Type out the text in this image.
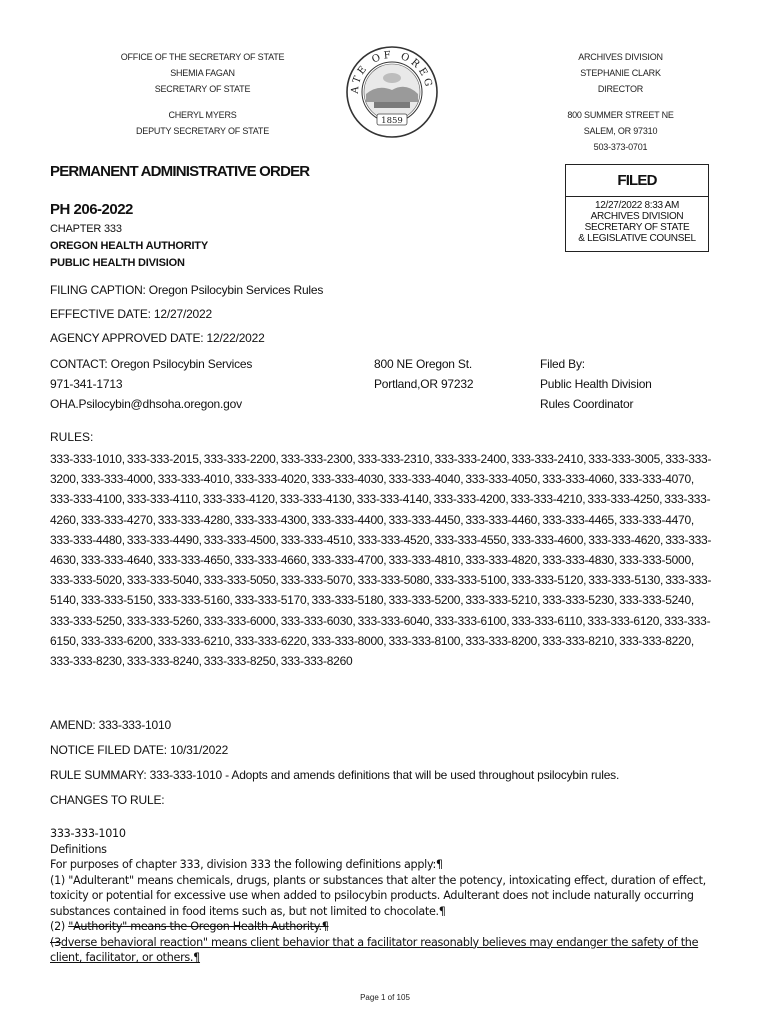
OFFICE OF THE SECRETARY OF STATE
SHEMIA FAGAN
SECRETARY OF STATE
CHERYL MYERS
DEPUTY SECRETARY OF STATE
ATE OF OREG
1859
ARCHIVES DIVISION
STEPHANIE CLARK
DIRECTOR
800 SUMMER STREET NE
SALEM, OR 97310
503-373-0701
PERMANENT ADMINISTRATIVE ORDER
FILED
12/27/2022 8:33 AM
ARCHIVES DIVISION
SECRETARY OF STATE
& LEGISLATIVE COUNSEL
PH 206-2022
CHAPTER 333
OREGON HEALTH AUTHORITY
PUBLIC HEALTH DIVISION
FILING CAPTION: Oregon Psilocybin Services Rules
EFFECTIVE DATE: 12/27/2022
AGENCY APPROVED DATE: 12/22/2022
CONTACT: Oregon Psilocybin Services
971-341-1713
OHA.Psilocybin@dhsoha.oregon.gov
800 NE Oregon St.
Portland,OR 97232
Filed By:
Public Health Division
Rules Coordinator
RULES:
333-333-1010, 333-333-2015, 333-333-2200, 333-333-2300, 333-333-2310, 333-333-2400, 333-333-2410, 333-333-3005, 333-333-3200, 333-333-4000, 333-333-4010, 333-333-4020, 333-333-4030, 333-333-4040, 333-333-4050, 333-333-4060, 333-333-4070, 333-333-4100, 333-333-4110, 333-333-4120, 333-333-4130, 333-333-4140, 333-333-4200, 333-333-4210, 333-333-4250, 333-333-4260, 333-333-4270, 333-333-4280, 333-333-4300, 333-333-4400, 333-333-4450, 333-333-4460, 333-333-4465, 333-333-4470, 333-333-4480, 333-333-4490, 333-333-4500, 333-333-4510, 333-333-4520, 333-333-4550, 333-333-4600, 333-333-4620, 333-333-4630, 333-333-4640, 333-333-4650, 333-333-4660, 333-333-4700, 333-333-4810, 333-333-4820, 333-333-4830, 333-333-5000, 333-333-5020, 333-333-5040, 333-333-5050, 333-333-5070, 333-333-5080, 333-333-5100, 333-333-5120, 333-333-5130, 333-333-5140, 333-333-5150, 333-333-5160, 333-333-5170, 333-333-5180, 333-333-5200, 333-333-5210, 333-333-5230, 333-333-5240, 333-333-5250, 333-333-5260, 333-333-6000, 333-333-6030, 333-333-6040, 333-333-6100, 333-333-6110, 333-333-6120, 333-333-6150, 333-333-6200, 333-333-6210, 333-333-6220, 333-333-8000, 333-333-8100, 333-333-8200, 333-333-8210, 333-333-8220, 333-333-8230, 333-333-8240, 333-333-8250, 333-333-8260
AMEND: 333-333-1010
NOTICE FILED DATE: 10/31/2022
RULE SUMMARY: 333-333-1010 - Adopts and amends definitions that will be used throughout psilocybin rules.
CHANGES TO RULE:

333-333-1010

Definitions

For purposes of chapter 333, division 333 the following definitions apply:¶

(1) "Adulterant" means chemicals, drugs, plants or substances that alter the potency, intoxicating effect, duration of effect, toxicity or potential for excessive use when added to psilocybin products. Adulterant does not include naturally occurring substances contained in food items such as, but not limited to chocolate.¶

(2) "Authority" means the Oregon Health Authority.¶

(3dverse behavioral reaction" means client behavior that a facilitator reasonably believes may endanger the safety of the client, facilitator, or others.¶

Page 1 of 105
